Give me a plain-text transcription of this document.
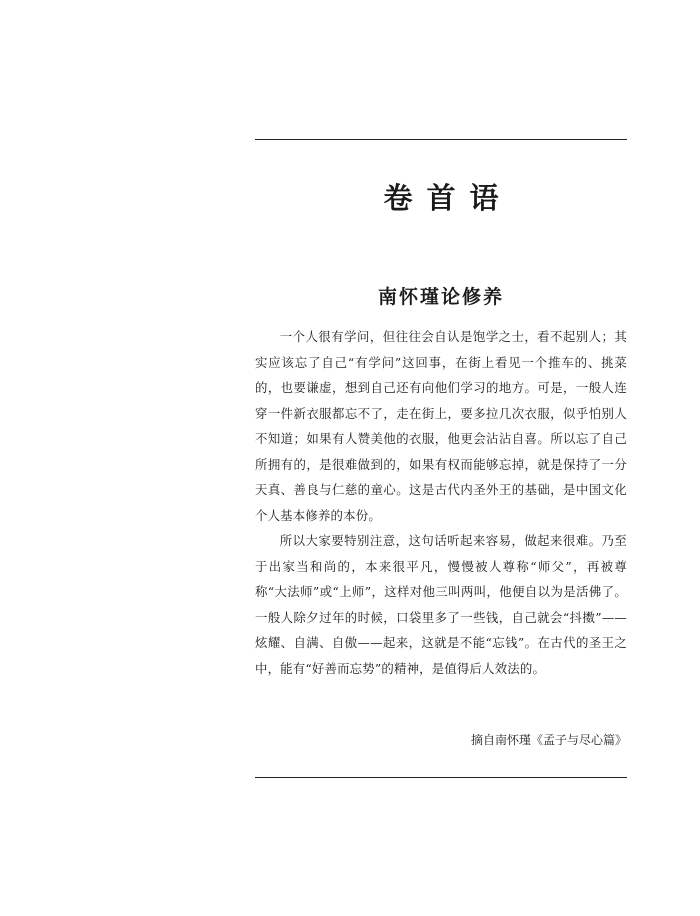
卷首语
南怀瑾论修养

一个人很有学问，但往往会自认是饱学之士，看不起别人；其实应该忘了自己“有学问”这回事，在街上看见一个推车的、挑菜的，也要谦虚，想到自己还有向他们学习的地方。可是，一般人连穿一件新衣服都忘不了，走在街上，要多拉几次衣服，似乎怕别人不知道；如果有人赞美他的衣服，他更会沾沾自喜。所以忘了自己所拥有的，是很难做到的，如果有权而能够忘掉，就是保持了一分天真、善良与仁慈的童心。这是古代内圣外王的基础，是中国文化个人基本修养的本份。

所以大家要特别注意，这句话听起来容易，做起来很难。乃至于出家当和尚的，本来很平凡，慢慢被人尊称“师父”，再被尊称“大法师”或“上师”，这样对他三叫两叫，他便自以为是活佛了。一般人除夕过年的时候，口袋里多了一些钱，自己就会“抖擞”——炫耀、自满、自傲——起来，这就是不能“忘钱”。在古代的圣王之中，能有“好善而忘势”的精神，是值得后人效法的。

摘自南怀瑾《孟子与尽心篇》
